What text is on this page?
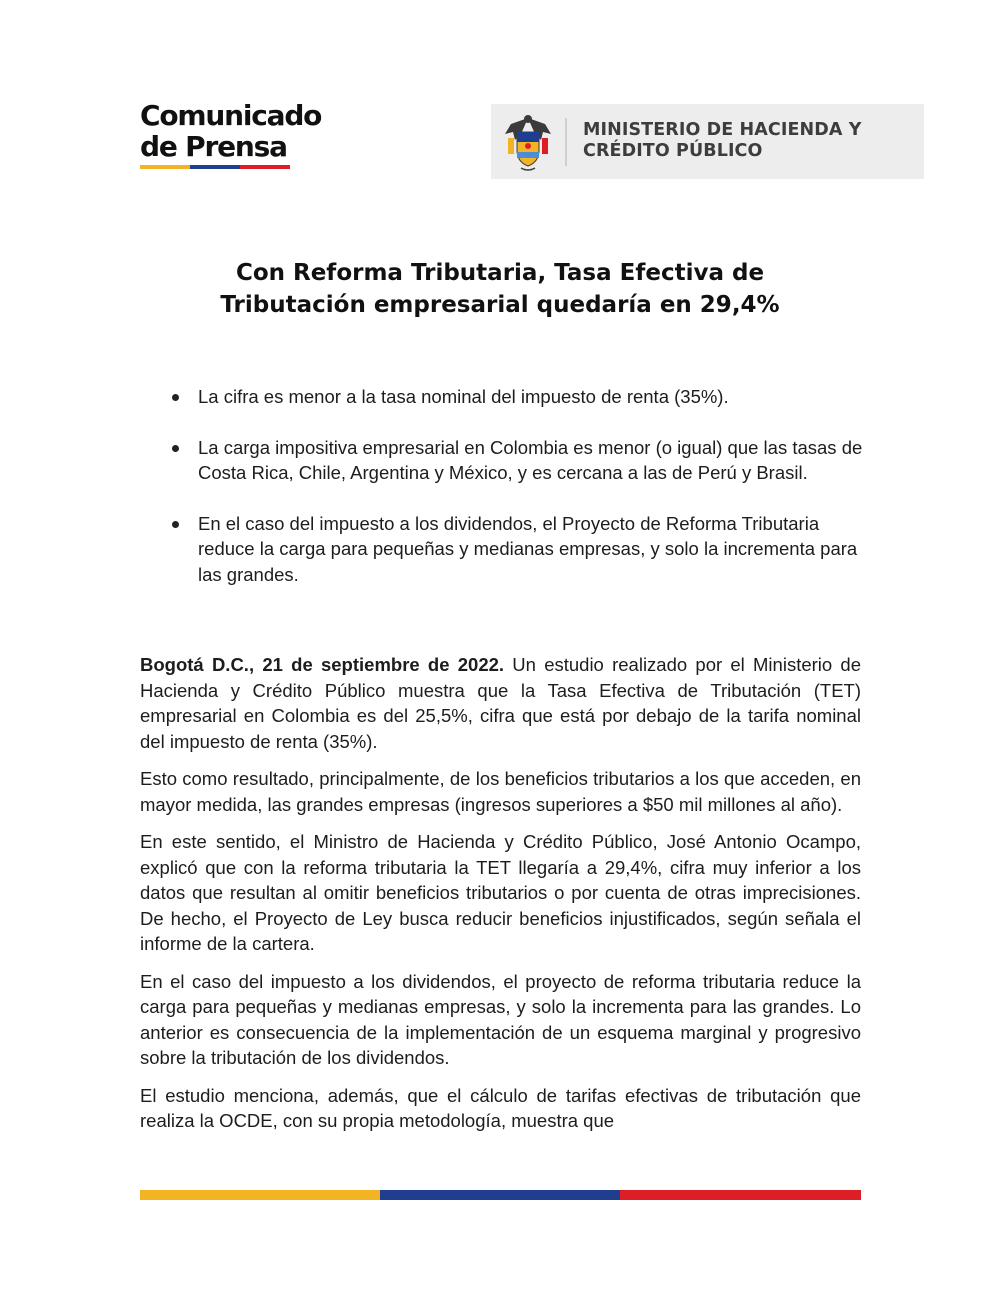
Comunicado
de Prensa	MINISTERIO DE HACIENDA Y
CRÉDITO PÚBLICO
Con Reforma Tributaria, Tasa Efectiva de
Tributación empresarial quedaría en 29,4%
La cifra es menor a la tasa nominal del impuesto de renta (35%).
La carga impositiva empresarial en Colombia es menor (o igual) que las tasas de Costa Rica, Chile, Argentina y México, y es cercana a las de Perú y Brasil.
En el caso del impuesto a los dividendos, el Proyecto de Reforma Tributaria reduce la carga para pequeñas y medianas empresas, y solo la incrementa para las grandes.

Bogotá D.C., 21 de septiembre de 2022. Un estudio realizado por el Ministerio de Hacienda y Crédito Público muestra que la Tasa Efectiva de Tributación (TET) empresarial en Colombia es del 25,5%, cifra que está por debajo de la tarifa nominal del impuesto de renta (35%).

Esto como resultado, principalmente, de los beneficios tributarios a los que acceden, en mayor medida, las grandes empresas (ingresos superiores a $50 mil millones al año).

En este sentido, el Ministro de Hacienda y Crédito Público, José Antonio Ocampo, explicó que con la reforma tributaria la TET llegaría a 29,4%, cifra muy inferior a los datos que resultan al omitir beneficios tributarios o por cuenta de otras imprecisiones. De hecho, el Proyecto de Ley busca reducir beneficios injustificados, según señala el informe de la cartera.

En el caso del impuesto a los dividendos, el proyecto de reforma tributaria reduce la carga para pequeñas y medianas empresas, y solo la incrementa para las grandes. Lo anterior es consecuencia de la implementación de un esquema marginal y progresivo sobre la tributación de los dividendos.

El estudio menciona, además, que el cálculo de tarifas efectivas de tributación que realiza la OCDE, con su propia metodología, muestra que
